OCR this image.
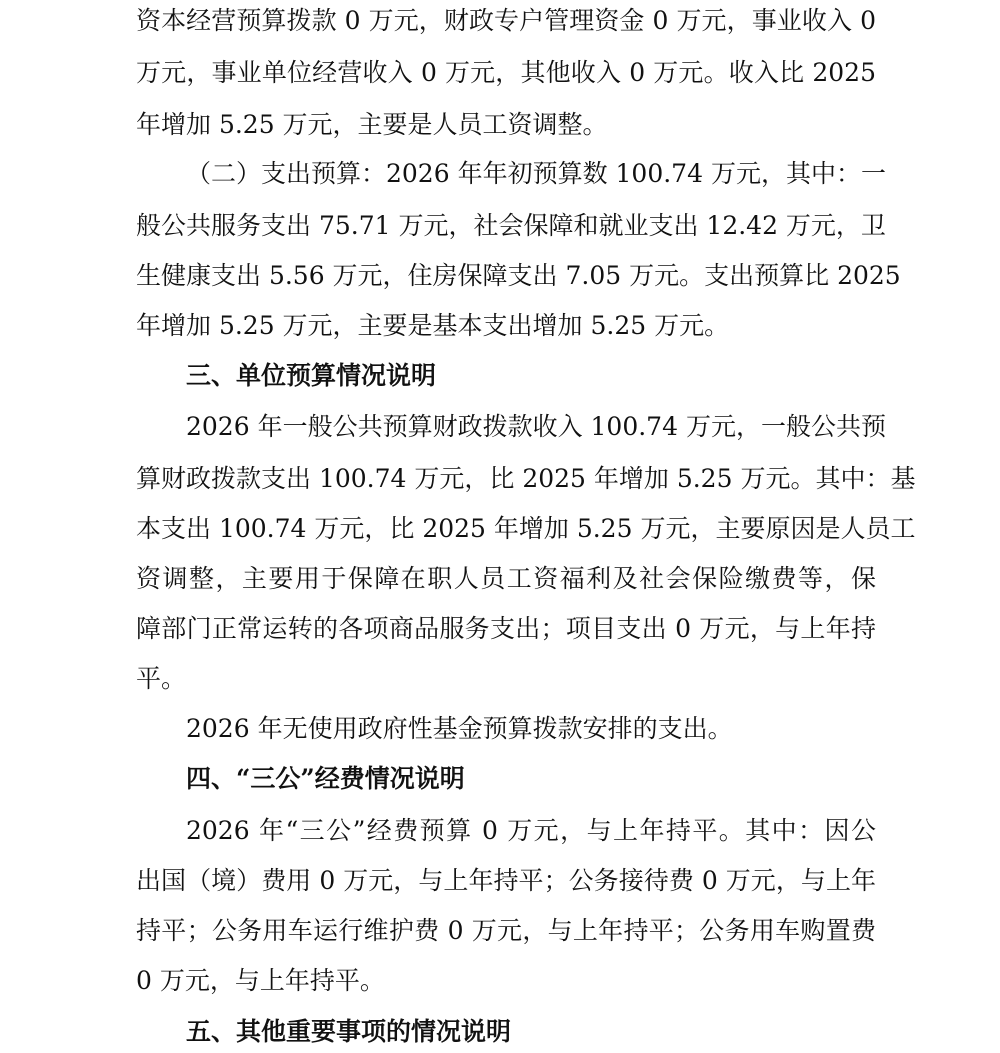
资本经营预算拨款 0 万元，财政专户管理资金 0 万元，事业收入 0
万元，事业单位经营收入 0 万元，其他收入 0 万元。收入比 2025
年增加 5.25 万元，主要是人员工资调整。
（二）支出预算：2026 年年初预算数 100.74 万元，其中：一
般公共服务支出 75.71 万元，社会保障和就业支出 12.42 万元，卫
生健康支出 5.56 万元，住房保障支出 7.05 万元。支出预算比 2025
年增加 5.25 万元，主要是基本支出增加 5.25 万元。
三、单位预算情况说明
2026 年一般公共预算财政拨款收入 100.74 万元，一般公共预
算财政拨款支出 100.74 万元，比 2025 年增加 5.25 万元。其中：基
本支出 100.74 万元，比 2025 年增加 5.25 万元，主要原因是人员工
资调整，主要用于保障在职人员工资福利及社会保险缴费等，保
障部门正常运转的各项商品服务支出；项目支出 0 万元，与上年持
平。
2026 年无使用政府性基金预算拨款安排的支出。
四、“三公”经费情况说明
2026 年“三公”经费预算 0 万元，与上年持平。其中：因公
出国（境）费用 0 万元，与上年持平；公务接待费 0 万元，与上年
持平；公务用车运行维护费 0 万元，与上年持平；公务用车购置费
0 万元，与上年持平。
五、其他重要事项的情况说明
